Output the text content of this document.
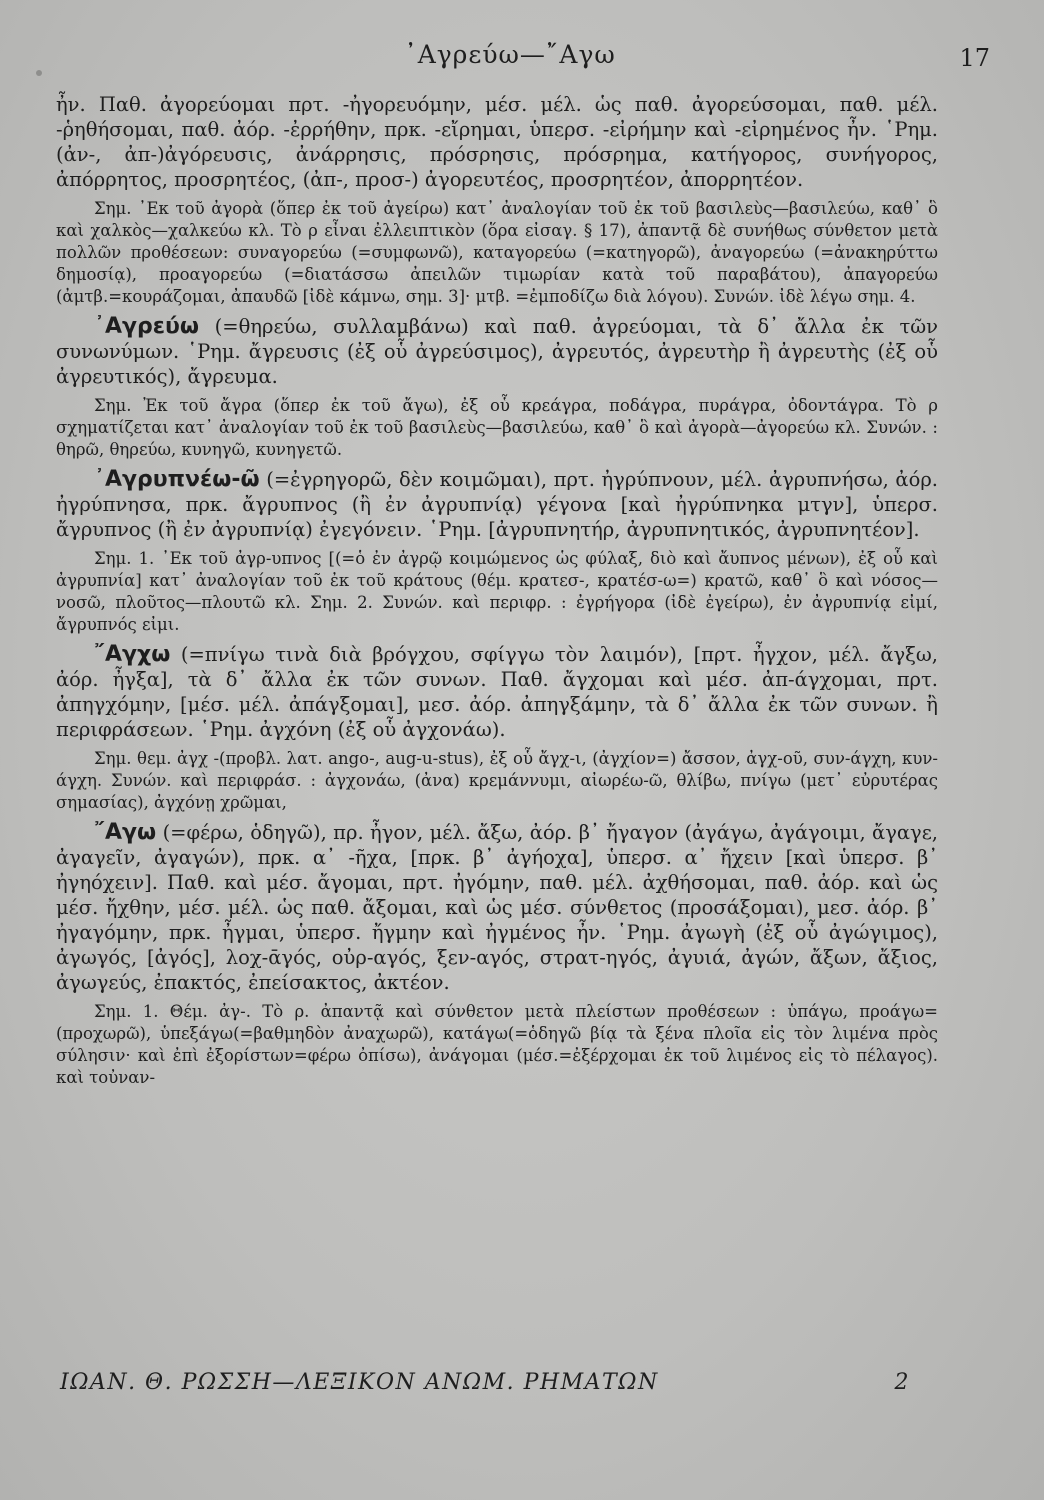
᾿Αγρεύω—῎Αγω	17

ἦν. Παθ. ἀγορεύομαι πρτ. -ἠγορευόμην, μέσ. μέλ. ὡς παθ. ἀγορεύσομαι, παθ. μέλ. -ῥηθήσομαι, παθ. ἀόρ. -ἐρρήθην, πρκ. -εἴρημαι, ὑπερσ. -εἰρήμην καὶ -εἰρημένος ἦν. ῾Ρημ. (ἀν-, ἀπ-)ἀγόρευσις, ἀνάρρησις, πρόσρησις, πρόσρημα, κατήγορος, συνήγορος, ἀπόρρητος, προσρητέος, (ἀπ-, προσ-) ἀγορευτέος, προσρητέον, ἀπορρητέον.

Σημ. ᾿Εκ τοῦ ἀγορὰ (ὅπερ ἐκ τοῦ ἀγείρω) κατ᾿ ἀναλογίαν τοῦ ἐκ τοῦ βασιλεὺς—βασιλεύω, καθ᾿ ὃ καὶ χαλκὸς—χαλκεύω κλ. Τὸ ρ εἶναι ἐλλειπτικὸν (ὅρα εἰσαγ. § 17), ἀπαντᾷ δὲ συνήθως σύνθετον μετὰ πολλῶν προθέσεων: συναγορεύω (=συμφωνῶ), καταγορεύω (=κατηγορῶ), ἀναγορεύω (=ἀνακηρύττω δημοσίᾳ), προαγορεύω (=διατάσσω ἀπειλῶν τιμωρίαν κατὰ τοῦ παραβάτου), ἀπαγορεύω (ἀμτβ.=κουράζομαι, ἀπαυδῶ [ἰδὲ κάμνω, σημ. 3]· μτβ. =ἐμποδίζω διὰ λόγου). Συνών. ἰδὲ λέγω σημ. 4.

᾿Αγρεύω (=θηρεύω, συλλαμβάνω) καὶ παθ. ἀγρεύομαι, τὰ δ᾿ ἄλλα ἐκ τῶν συνωνύμων. ῾Ρημ. ἄγρευσις (ἐξ οὗ ἀγρεύσιμος), ἀγρευτός, ἀγρευτὴρ ἢ ἀγρευτὴς (ἐξ οὗ ἀγρευτικός), ἄγρευμα.

Σημ. Ἐκ τοῦ ἄγρα (ὅπερ ἐκ τοῦ ἄγω), ἐξ οὗ κρεάγρα, ποδάγρα, πυράγρα, ὀδοντάγρα. Τὸ ρ σχηματίζεται κατ᾿ ἀναλογίαν τοῦ ἐκ τοῦ βασιλεὺς—βασιλεύω, καθ᾿ ὃ καὶ ἀγορὰ—ἀγορεύω κλ. Συνών. : θηρῶ, θηρεύω, κυνηγῶ, κυνηγετῶ.

᾿Αγρυπνέω-ῶ (=ἐγρηγορῶ, δὲν κοιμῶμαι), πρτ. ἠγρύπνουν, μέλ. ἀγρυπνήσω, ἀόρ. ἠγρύπνησα, πρκ. ἄγρυπνος (ἢ ἐν ἀγρυπνίᾳ) γέγονα [καὶ ἠγρύπνηκα μτγν], ὑπερσ. ἄγρυπνος (ἢ ἐν ἀγρυπνίᾳ) ἐγεγόνειν. ῾Ρημ. [ἀγρυπνητήρ, ἀγρυπνητικός, ἀγρυπνητέον].

Σημ. 1. ᾿Εκ τοῦ ἀγρ-υπνος [(=ὁ ἐν ἀγρῷ κοιμώμενος ὡς φύλαξ, διὸ καὶ ἄυπνος μένων), ἐξ οὗ καὶ ἀγρυπνία] κατ᾿ ἀναλογίαν τοῦ ἐκ τοῦ κράτους (θέμ. κρατεσ-, κρατέσ-ω=) κρατῶ, καθ᾿ ὃ καὶ νόσος—νοσῶ, πλοῦτος—πλουτῶ κλ. Σημ. 2. Συνών. καὶ περιφρ. : ἐγρήγορα (ἰδὲ ἐγείρω), ἐν ἀγρυπνίᾳ εἰμί, ἄγρυπνός εἰμι.

῎Αγχω (=πνίγω τινὰ διὰ βρόγχου, σφίγγω τὸν λαιμόν), [πρτ. ἦγχον, μέλ. ἄγξω, ἀόρ. ἦγξα], τὰ δ᾿ ἄλλα ἐκ τῶν συνων. Παθ. ἄγχομαι καὶ μέσ. ἀπ-άγχομαι, πρτ. ἀπηγχόμην, [μέσ. μέλ. ἀπάγξομαι], μεσ. ἀόρ. ἀπηγξάμην, τὰ δ᾿ ἄλλα ἐκ τῶν συνων. ἢ περιφράσεων. ῾Ρημ. ἀγχόνη (ἐξ οὗ ἀγχονάω).

Σημ. θεμ. ἀγχ -(προβλ. λατ. ango-, aug-u-stus), ἐξ οὗ ἄγχ-ι, (ἀγχίον=) ἄσσον, ἀγχ-οῦ, συν-άγχη, κυν-άγχη. Συνών. καὶ περιφράσ. : ἀγχονάω, (ἀνα) κρεμάννυμι, αἰωρέω-ῶ, θλίβω, πνίγω (μετ᾿ εὐρυτέρας σημασίας), ἀγχόνῃ χρῶμαι,

῎Αγω (=φέρω, ὁδηγῶ), πρ. ἦγον, μέλ. ἄξω, ἀόρ. β᾿ ἤγαγον (ἀγάγω, ἀγάγοιμι, ἄγαγε, ἀγαγεῖν, ἀγαγών), πρκ. α᾿ -ῆχα, [πρκ. β᾿ ἀγήοχα], ὑπερσ. α᾿ ἤχειν [καὶ ὑπερσ. β᾿ ἠγηόχειν]. Παθ. καὶ μέσ. ἄγομαι, πρτ. ἠγόμην, παθ. μέλ. ἀχθήσομαι, παθ. ἀόρ. καὶ ὡς μέσ. ἤχθην, μέσ. μέλ. ὡς παθ. ἄξομαι, καὶ ὡς μέσ. σύνθετος (προσάξομαι), μεσ. ἀόρ. β᾿ ἠγαγόμην, πρκ. ἦγμαι, ὑπερσ. ἤγμην καὶ ἠγμένος ἦν. ῾Ρημ. ἀγωγὴ (ἐξ οὗ ἀγώγιμος), ἀγωγός, [ἀγός], λοχ-ᾱγός, οὐρ-αγός, ξεν-αγός, στρατ-ηγός, ἀγυιά, ἀγών, ἄξων, ἄξιος, ἀγωγεύς, ἐπακτός, ἐπείσακτος, ἀκτέον.

Σημ. 1. Θέμ. ἀγ-. Τὸ ρ. ἀπαντᾷ καὶ σύνθετον μετὰ πλείστων προθέσεων : ὑπάγω, προάγω=(προχωρῶ), ὑπεξάγω(=βαθμηδὸν ἀναχωρῶ), κατάγω(=ὁδηγῶ βίᾳ τὰ ξένα πλοῖα εἰς τὸν λιμένα πρὸς σύλησιν· καὶ ἐπὶ ἐξορίστων=φέρω ὀπίσω), ἀνάγομαι (μέσ.=ἐξέρχομαι ἐκ τοῦ λιμένος εἰς τὸ πέλαγος). καὶ τοὐναν-

ΙΩΑΝ. Θ. ΡΩΣΣΗ—ΛΕΞΙΚΟΝ ΑΝΩΜ. ΡΗΜΑΤΩΝ	2
